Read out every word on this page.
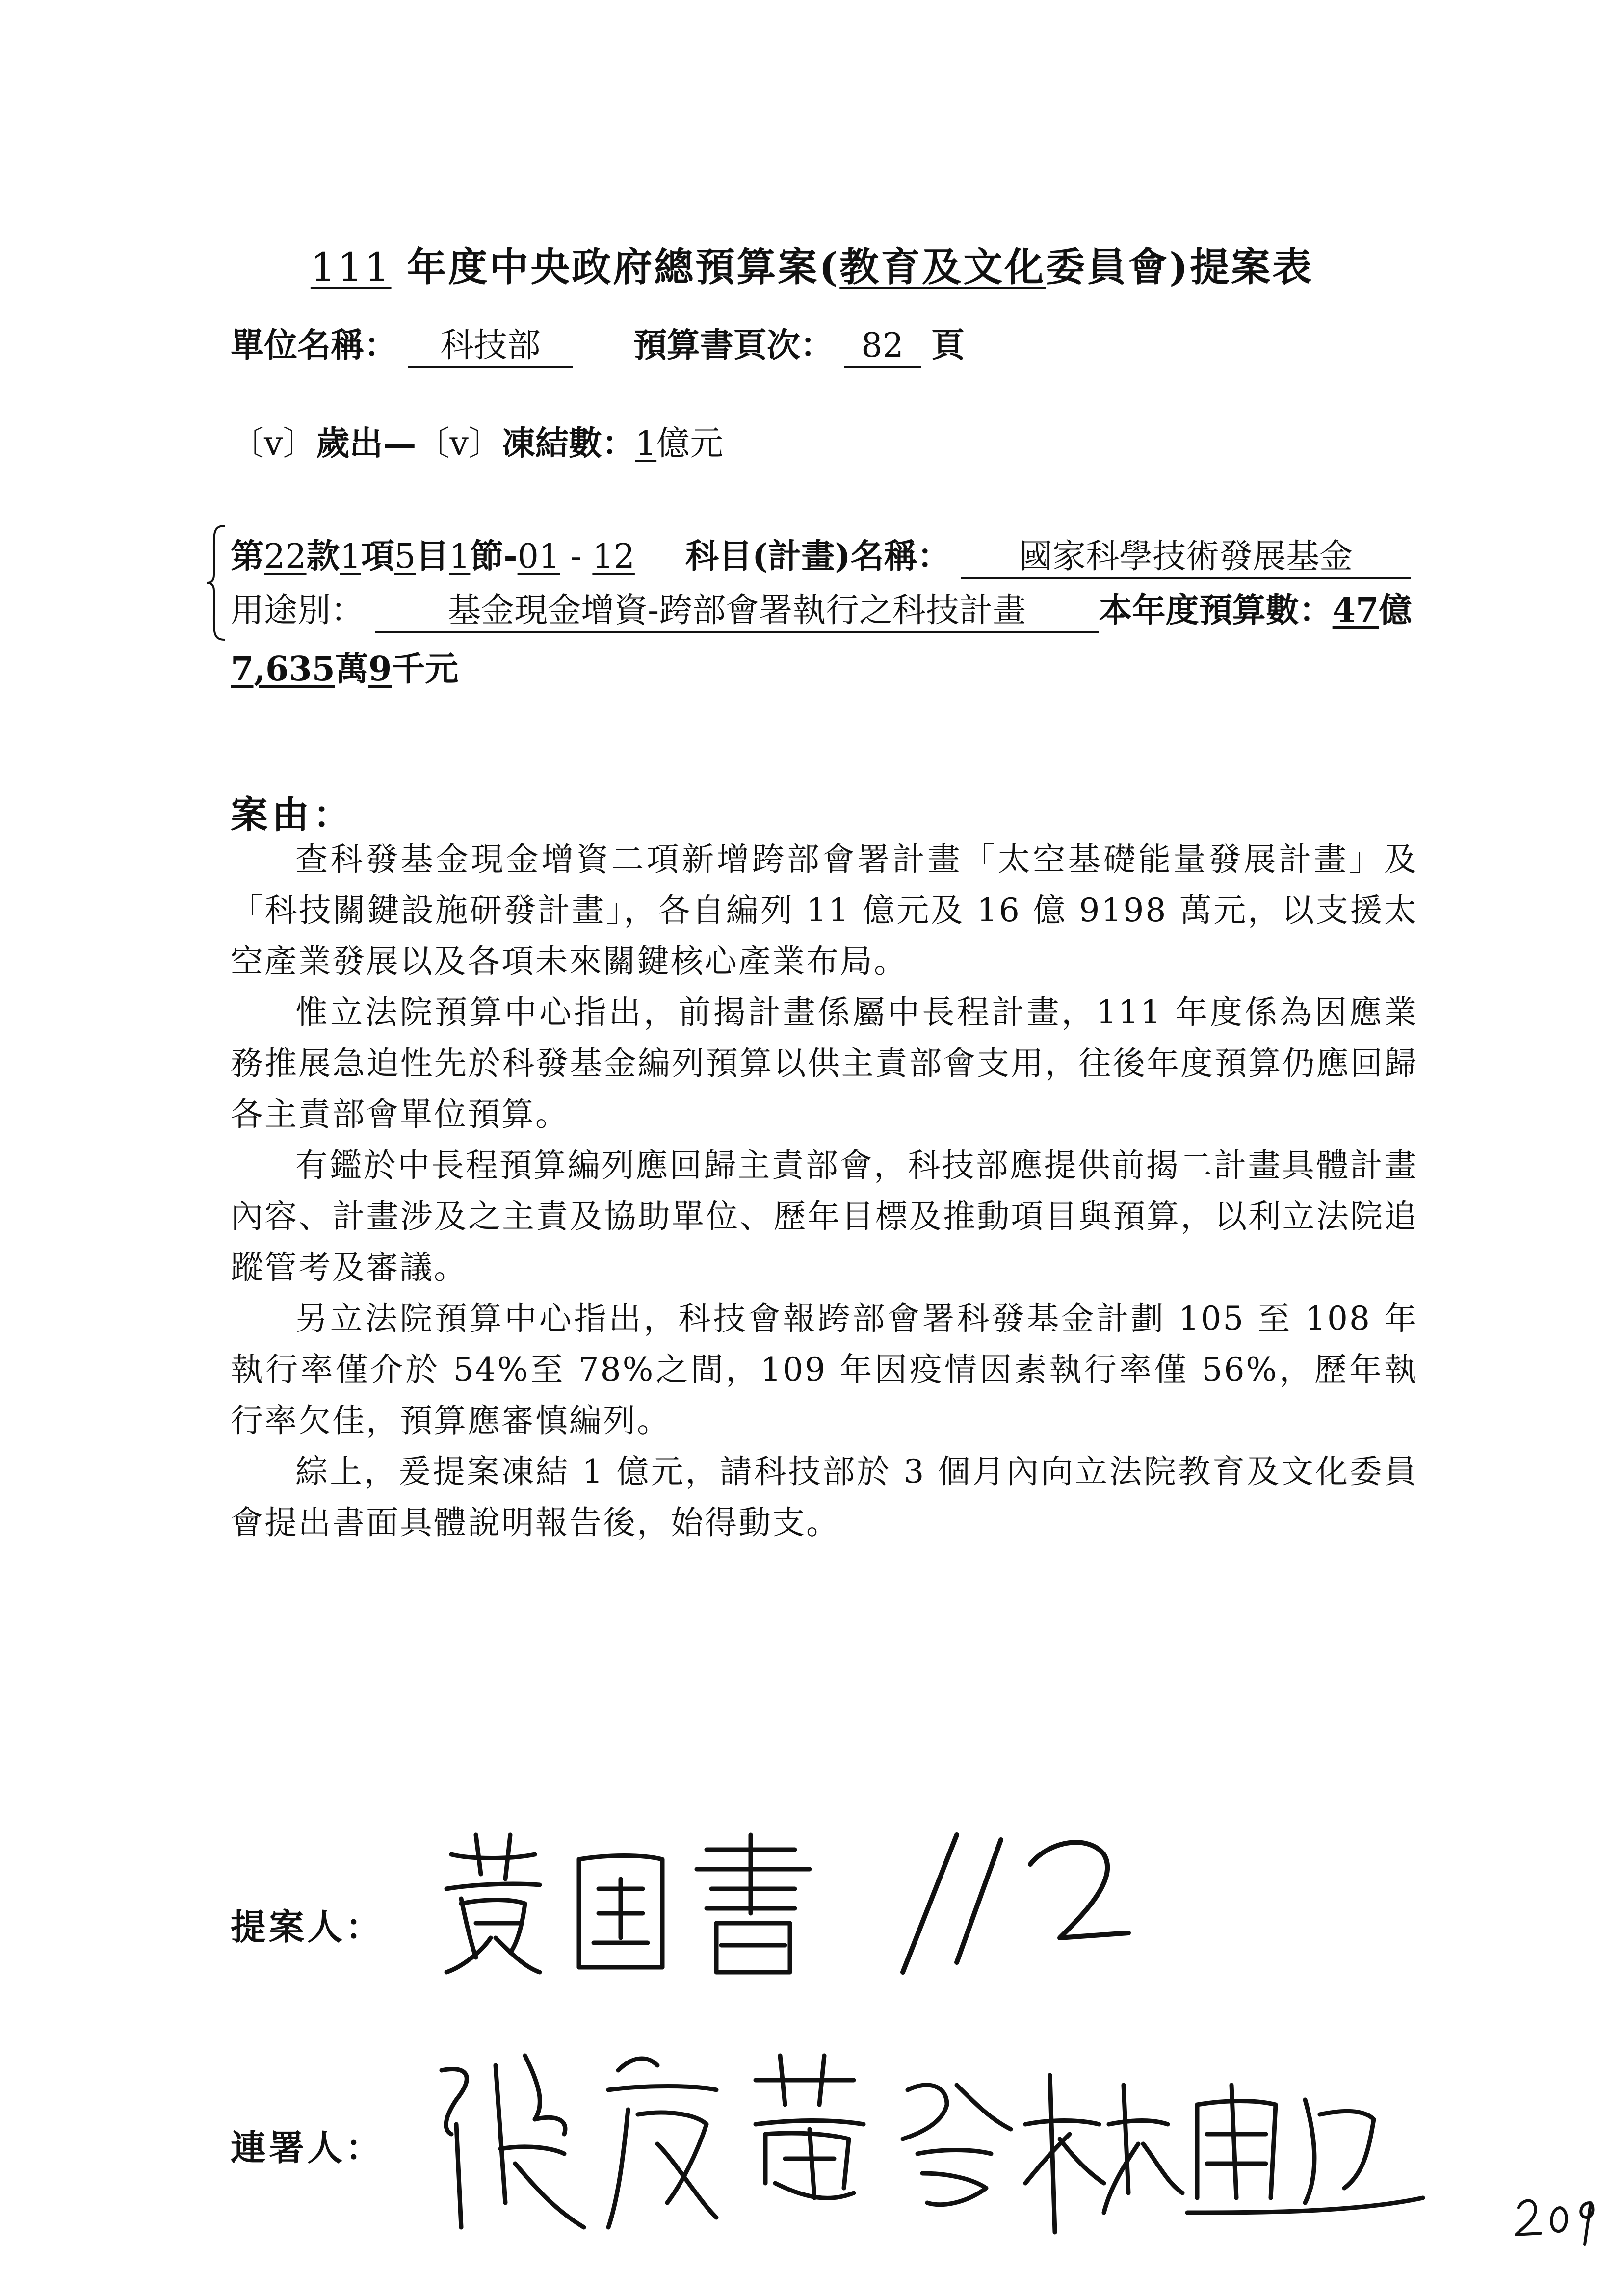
111 年度中央政府總預算案(教育及文化委員會)提案表
單位名稱： 科技部	預算書頁次： 82 頁
〔v〕歲出—〔v〕凍結數：1億元
第22款1項5目1節-01 - 12 科目(計畫)名稱： 國家科學技術發展基金
用途別：	基金現金增資-跨部會署執行之科技計畫 本年度預算數：47億
7,635萬9千元
案由：

查科發基金現金增資二項新增跨部會署計畫「太空基礎能量發展計畫」及「科技關鍵設施研發計畫」，各自編列 11 億元及 16 億 9198 萬元，以支援太空產業發展以及各項未來關鍵核心產業布局。

惟立法院預算中心指出，前揭計畫係屬中長程計畫，111 年度係為因應業務推展急迫性先於科發基金編列預算以供主責部會支用，往後年度預算仍應回歸各主責部會單位預算。

有鑑於中長程預算編列應回歸主責部會，科技部應提供前揭二計畫具體計畫內容、計畫涉及之主責及協助單位、歷年目標及推動項目與預算，以利立法院追蹤管考及審議。

另立法院預算中心指出，科技會報跨部會署科發基金計劃 105 至 108 年執行率僅介於 54%至 78%之間，109 年因疫情因素執行率僅 56%，歷年執行率欠佳，預算應審慎編列。

綜上，爰提案凍結 1 億元，請科技部於 3 個月內向立法院教育及文化委員會提出書面具體說明報告後，始得動支。

提案人：
連署人：
